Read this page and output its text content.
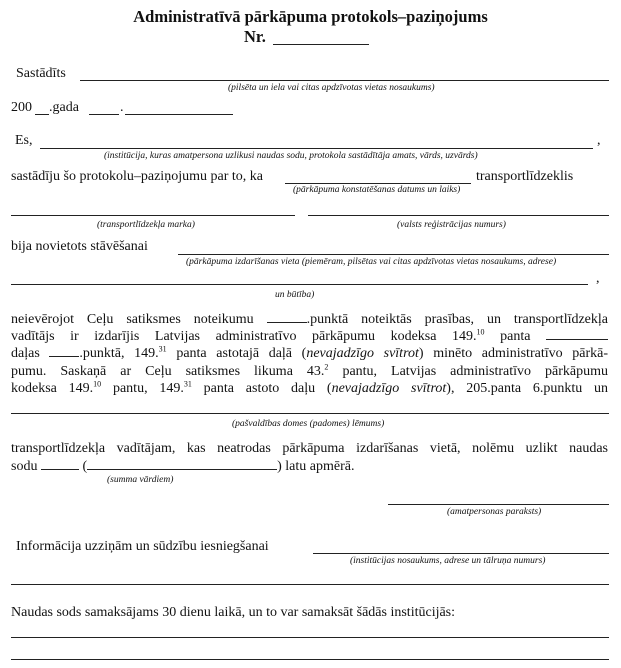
Administratīvā pārkāpuma protokols–paziņojums
Nr.
Sastādīts
(pilsēta un iela vai citas apdzīvotas vietas nosaukums)
200 .gada	.
Es,	,
(institūcija, kuras amatpersona uzlikusi naudas sodu, protokola sastādītāja amats, vārds, uzvārds)
sastādīju šo protokolu–paziņojumu par to, ka	transportlīdzeklis
(pārkāpuma konstatēšanas datums un laiks)
(transportlīdzekļa marka)	(valsts reģistrācijas numurs)
bija novietots stāvēšanai
(pārkāpuma izdarīšanas vieta (piemēram, pilsētas vai citas apdzīvotas vietas nosaukums, adrese)
,
un būtība)
neievērojot Ceļu satiksmes noteikumu	.punktā noteiktās prasības, un transportlīdzekļa
vadītājs ir izdarījis Latvijas administratīvo pārkāpumu kodeksa 149.10 panta
daļas	.punktā, 149.31 panta astotajā daļā (nevajadzīgo svītrot) minēto administratīvo pārkā-
pumu. Saskaņā ar Ceļu satiksmes likuma 43.$^2$ pantu, Latvijas administratīvo pārkāpumu
kodeksa 149.10 pantu, 149.31 panta astoto daļu (nevajadzīgo svītrot), 205.panta 6.punktu un
(pašvaldības domes (padomes) lēmums)
transportlīdzekļa vadītājam, kas neatrodas pārkāpuma izdarīšanas vietā, nolēmu uzlikt naudas
sodu	(	) latu apmērā.
(summa vārdiem)
(amatpersonas paraksts)
Informācija uzziņām un sūdzību iesniegšanai
(institūcijas nosaukums, adrese un tālruņa numurs)
Naudas sods samaksājams 30 dienu laikā, un to var samaksāt šādās institūcijās:
